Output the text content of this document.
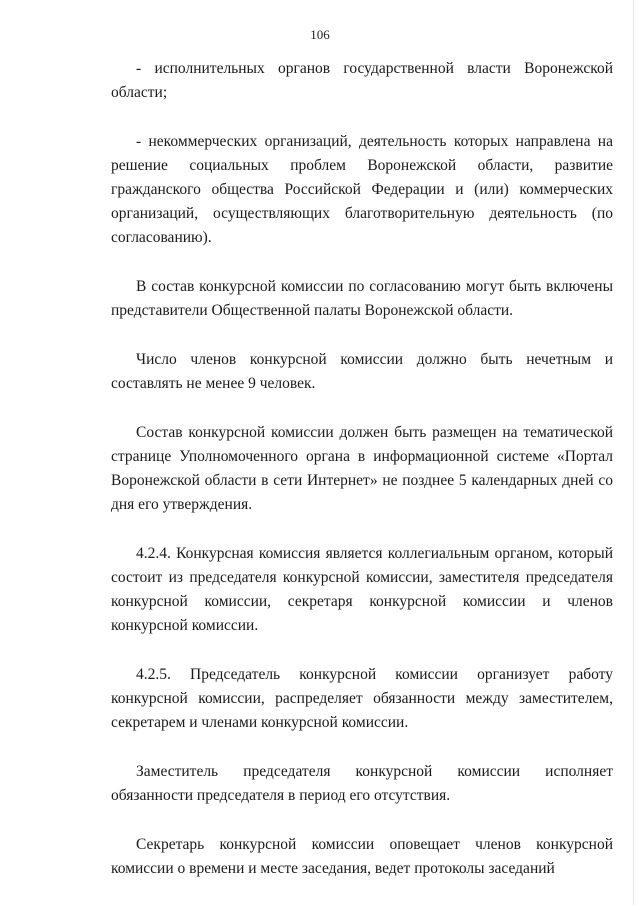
106

- исполнительных органов государственной власти Воронежской области;

- некоммерческих организаций, деятельность которых направлена на решение социальных проблем Воронежской области, развитие гражданского общества Российской Федерации и (или) коммерческих организаций, осуществляющих благотворительную деятельность (по согласованию).

В состав конкурсной комиссии по согласованию могут быть включены представители Общественной палаты Воронежской области.

Число членов конкурсной комиссии должно быть нечетным и составлять не менее 9 человек.

Состав конкурсной комиссии должен быть размещен на тематической странице Уполномоченного органа в информационной системе «Портал Воронежской области в сети Интернет» не позднее 5 календарных дней со дня его утверждения.

4.2.4. Конкурсная комиссия является коллегиальным органом, который состоит из председателя конкурсной комиссии, заместителя председателя конкурсной комиссии, секретаря конкурсной комиссии и членов конкурсной комиссии.

4.2.5. Председатель конкурсной комиссии организует работу конкурсной комиссии, распределяет обязанности между заместителем, секретарем и членами конкурсной комиссии.

Заместитель председателя конкурсной комиссии исполняет обязанности председателя в период его отсутствия.

Секретарь конкурсной комиссии оповещает членов конкурсной комиссии о времени и месте заседания, ведет протоколы заседаний
